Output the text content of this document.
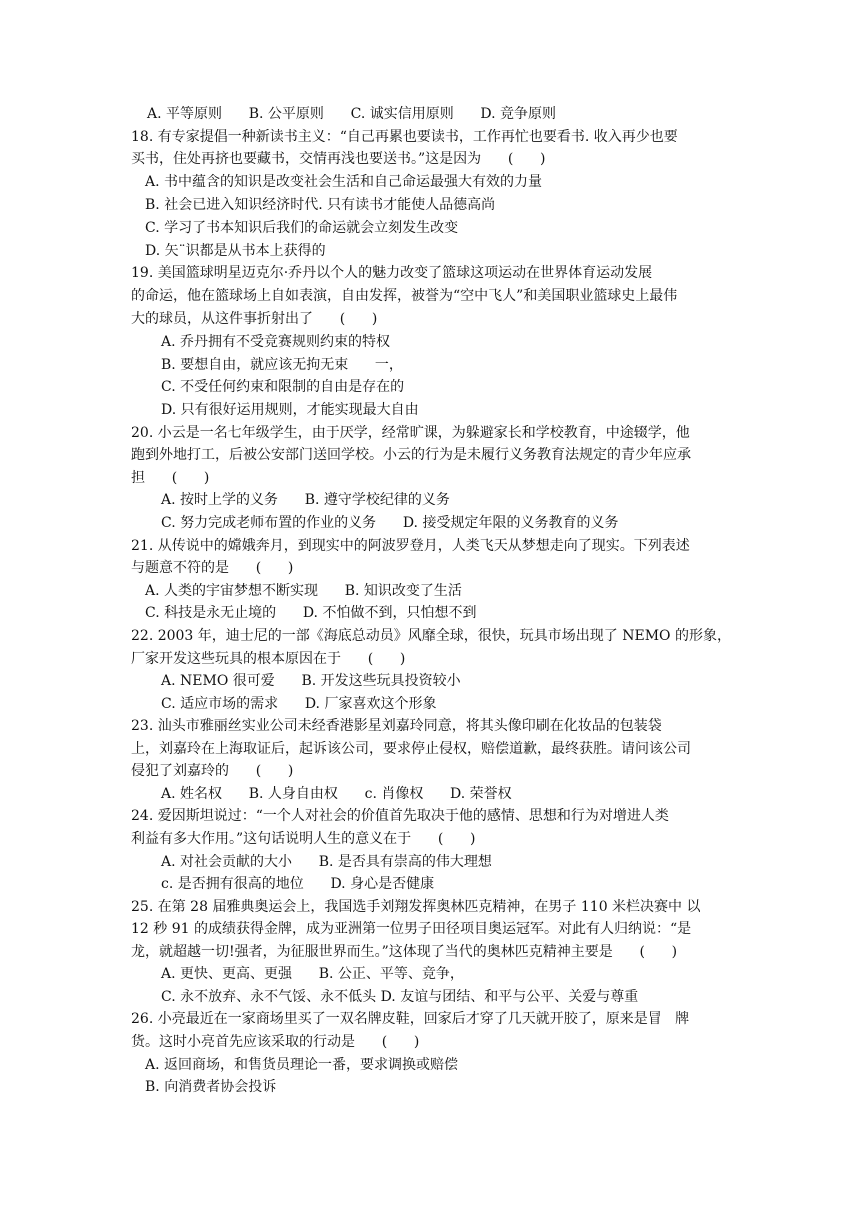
A. 平等原则      B. 公平原则      C. 诚实信用原则      D. 竞争原则
18. 有专家提倡一种新读书主义：“自己再累也要读书，工作再忙也要看书. 收入再少也要
买书，住处再挤也要藏书，交情再浅也要送书。”这是因为      (      )
A. 书中蕴含的知识是改变社会生活和自己命运最强大有效的力量
B. 社会已进入知识经济时代. 只有读书才能使人品德高尚
C. 学习了书本知识后我们的命运就会立刻发生改变
D. 矢¨识都是从书本上获得的
19. 美国篮球明星迈克尔·乔丹以个人的魅力改变了篮球这项运动在世界体育运动发展
的命运，他在篮球场上自如表演，自由发挥，被誉为“空中飞人”和美国职业篮球史上最伟
大的球员，从这件事折射出了      (      )
A. 乔丹拥有不受竞赛规则约束的特权
B. 要想自由，就应该无拘无束      一，
C. 不受任何约束和限制的自由是存在的
D. 只有很好运用规则，才能实现最大自由
20. 小云是一名七年级学生，由于厌学，经常旷课，为躲避家长和学校教育，中途辍学，他
跑到外地打工，后被公安部门送回学校。小云的行为是未履行义务教育法规定的青少年应承
担      (      )
A. 按时上学的义务      B. 遵守学校纪律的义务
C. 努力完成老师布置的作业的义务      D. 接受规定年限的义务教育的义务
21. 从传说中的嫦娥奔月，到现实中的阿波罗登月，人类飞天从梦想走向了现实。下列表述
与题意不符的是      (      )
A. 人类的宇宙梦想不断实现      B. 知识改变了生活
C. 科技是永无止境的      D. 不怕做不到，只怕想不到
22. 2003 年，迪士尼的一部《海底总动员》风靡全球，很快，玩具市场出现了 NEMO 的形象，
厂家开发这些玩具的根本原因在于      (      )
A. NEMO 很可爱      B. 开发这些玩具投资较小
C. 适应市场的需求      D. 厂家喜欢这个形象
23. 汕头市雅丽丝实业公司未经香港影星刘嘉玲同意，将其头像印刷在化妆品的包装袋
上，刘嘉玲在上海取证后，起诉该公司，要求停止侵权，赔偿道歉，最终获胜。请问该公司
侵犯了刘嘉玲的      (      )
A. 姓名权      B. 人身自由权      c. 肖像权      D. 荣誉权
24. 爱因斯坦说过：“一个人对社会的价值首先取决于他的感情、思想和行为对增进人类
利益有多大作用。”这句话说明人生的意义在于      (      )
A. 对社会贡献的大小      B. 是否具有崇高的伟大理想
c. 是否拥有很高的地位      D. 身心是否健康
25. 在第 28 届雅典奥运会上，我国选手刘翔发挥奥林匹克精神，在男子 110 米栏决赛中 以
12 秒 91 的成绩获得金牌，成为亚洲第一位男子田径项目奥运冠军。对此有人归纳说：“是
龙，就超越一切!强者，为征服世界而生。”这体现了当代的奥林匹克精神主要是      (      )
A. 更快、更高、更强      B. 公正、平等、竞争，
C. 永不放弃、永不气馁、永不低头 D. 友谊与团结、和平与公平、关爱与尊重
26. 小亮最近在一家商场里买了一双名牌皮鞋，回家后才穿了几天就开胶了，原来是冒   牌
货。这时小亮首先应该采取的行动是      (      )
A. 返回商场，和售货员理论一番，要求调换或赔偿
B. 向消费者协会投诉
